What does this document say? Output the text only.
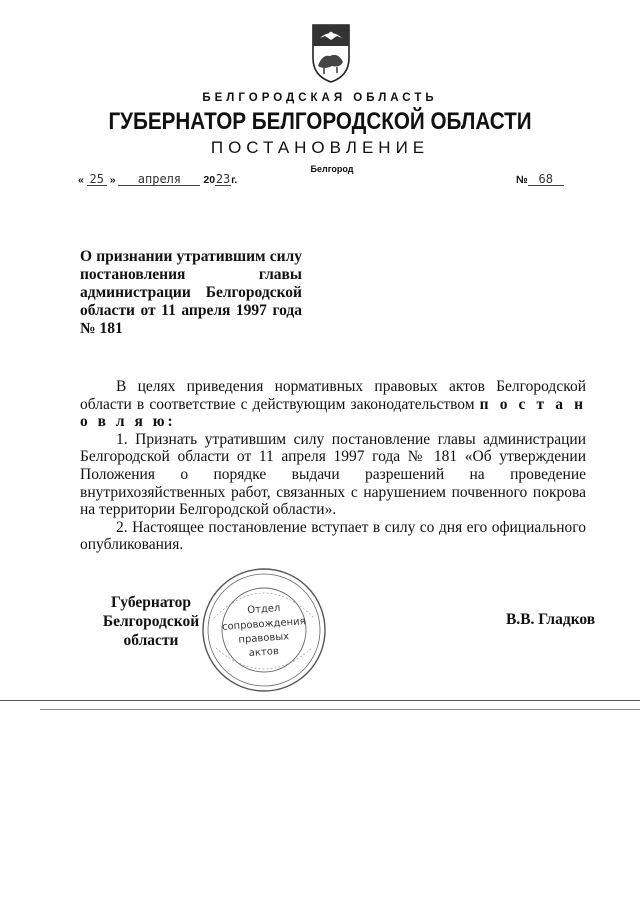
БЕЛГОРОДСКАЯ ОБЛАСТЬ
ГУБЕРНАТОР БЕЛГОРОДСКОЙ ОБЛАСТИ
ПОСТАНОВЛЕНИЕ
Белгород
« 25 » апреля 2023г.	№ 68
О признании утратившим силу постановления главы администрации Белгородской области от 11 апреля 1997 года № 181

В целях приведения нормативных правовых актов Белгородской области в соответствие с действующим законодательством п о с т а н о в л я ю:

1. Признать утратившим силу постановление главы администрации Белгородской области от 11 апреля 1997 года № 181 «Об утверждении Положения о порядке выдачи разрешений на проведение внутрихозяйственных работ, связанных с нарушением почвенного покрова на территории Белгородской области».

2. Настоящее постановление вступает в силу со дня его официального опубликования.

Отдел
сопровождения
правовых
актов
Губернатор
Белгородской области
В.В. Гладков
